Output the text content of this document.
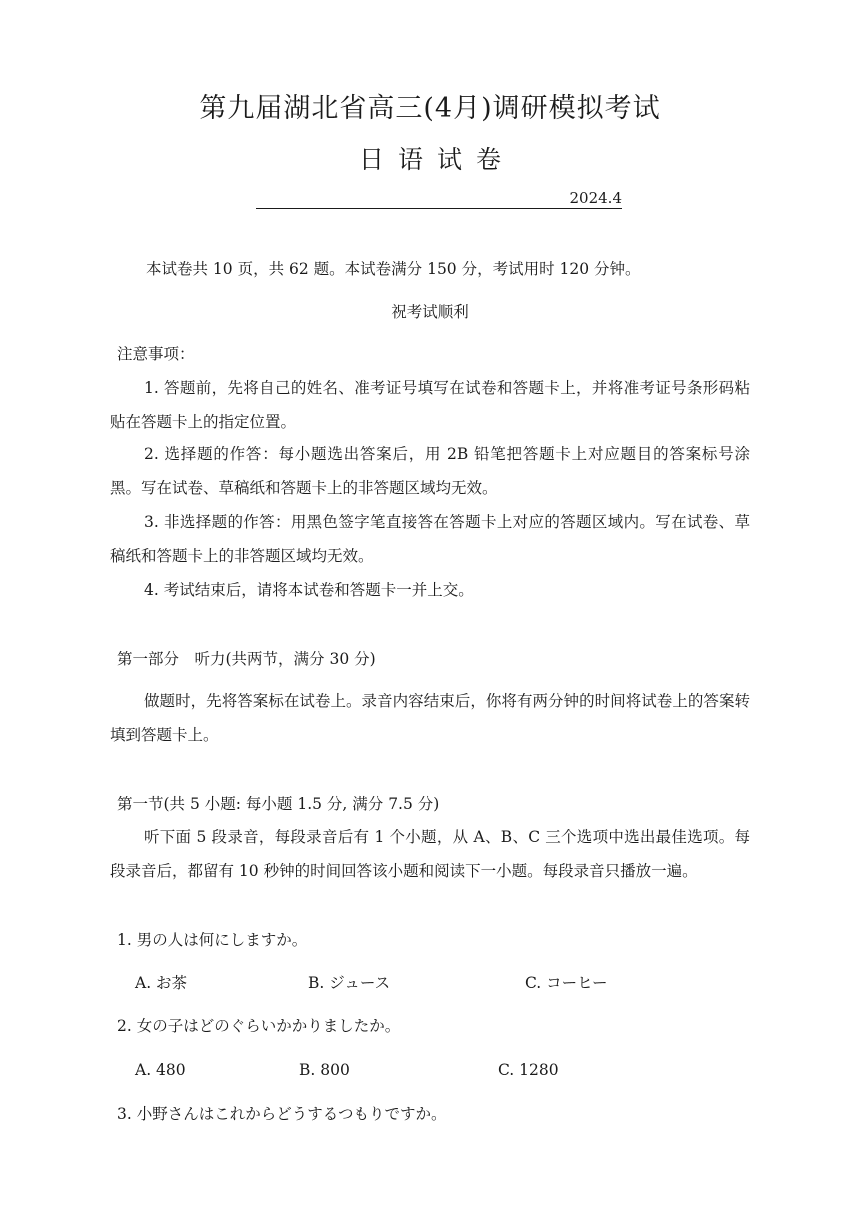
第九届湖北省高三(4月)调研模拟考试
日语试卷
2024.4
本试卷共 10 页，共 62 题。本试卷满分 150 分，考试用时 120 分钟。
祝考试顺利
注意事项：
1. 答题前，先将自己的姓名、准考证号填写在试卷和答题卡上，并将准考证号条形码粘贴在答题卡上的指定位置。
2. 选择题的作答：每小题选出答案后，用 2B 铅笔把答题卡上对应题目的答案标号涂黑。写在试卷、草稿纸和答题卡上的非答题区域均无效。
3. 非选择题的作答：用黑色签字笔直接答在答题卡上对应的答题区域内。写在试卷、草稿纸和答题卡上的非答题区域均无效。
4. 考试结束后，请将本试卷和答题卡一并上交。
第一部分　听力(共两节，满分 30 分)
做题时，先将答案标在试卷上。录音内容结束后，你将有两分钟的时间将试卷上的答案转填到答题卡上。
第一节(共 5 小题: 每小题 1.5 分, 满分 7.5 分)
听下面 5 段录音，每段录音后有 1 个小题，从 A、B、C 三个选项中选出最佳选项。每段录音后，都留有 10 秒钟的时间回答该小题和阅读下一小题。每段录音只播放一遍。
1. 男の人は何にしますか。
A. お茶	B. ジュース	C. コーヒー
2. 女の子はどのぐらいかかりましたか。
A. 480	B. 800	C. 1280
3. 小野さんはこれからどうするつもりですか。
